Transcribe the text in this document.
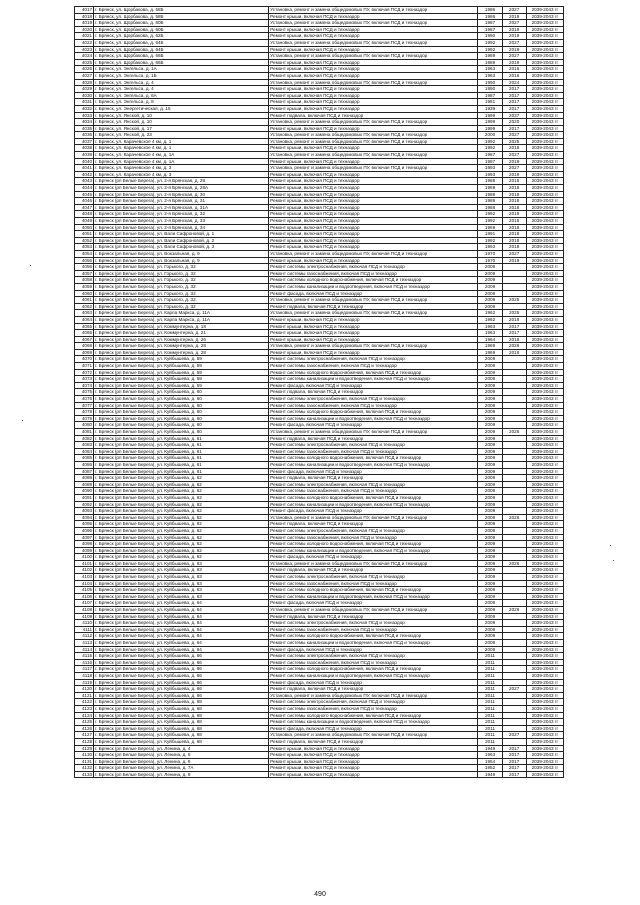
4017	г. Брянск, ул. Щорбакова, д. 58Б	Установка, ремонт и замена общедомовых ПУ, включая ПСД и техназдор	1986	2027	2039-2043 гг
4018	г. Брянск, ул. Щорбакова, д. 58Б	Ремонт крыши, включая ПСД и техназдор	1986	2019	2039-2043 гг
4019	г. Брянск, ул. Щорбакова, д. 60Б	Установка, ремонт и замена общедомовых ПУ, включая ПСД и техназдор	1987	2027	2039-2043 гг
4020	г. Брянск, ул. Щорбакова, д. 60Б	Ремонт крыши, включая ПСД и техназдор	1987	2019	2039-2043 гг
4021	г. Брянск, ул. Щорбакова, д. 62Б	Ремонт крыши, включая ПСД и техназдор	1990	2019	2039-2043 гг
4022	г. Брянск, ул. Щорбакова, д. 64Б	Установка, ремонт и замена общедомовых ПУ, включая ПСД и техназдор	1992	2027	2039-2043 гг
4023	г. Брянск, ул. Щорбакова, д. 64Б	Ремонт крыши, включая ПСД и техназдор	1992	2019	2039-2043 гг
4024	г. Брянск, ул. Щорбакова, д. 66Б	Установка, ремонт и замена общедомовых ПУ, включая ПСД и техназдор	1989	2027	2039-2043 гг
4025	г. Брянск, ул. Щорбакова, д. 66Б	Ремонт крыши, включая ПСД и техназдор	1989	2019	2039-2043 гг
4026	г. Брянск, ул. Энгельса, д. 1А	Ремонт крыши, включая ПСД и техназдор	1963	2016	2039-2043 гг
4027	г. Брянск, ул. Энгельса, д. 1Б	Ремонт крыши, включая ПСД и техназдор	1963	2016	2039-2043 гг
4028	г. Брянск, ул. Энгельса, д. 4	Установка, ремонт и замена общедомовых ПУ, включая ПСД и техназдор	1990	2024	2039-2043 гг
4029	г. Брянск, ул. Энгельса, д. 4	Ремонт крыши, включая ПСД и техназдор	1990	2017	2039-2043 гг
4030	г. Брянск, ул. Энгельса, д. 6А	Ремонт крыши, включая ПСД и техназдор	1987	2017	2039-2043 гг
4031	г. Брянск, ул. Энгельса, д. 8	Ремонт крыши, включая ПСД и техназдор	1981	2017	2039-2043 гг
4032	г. Брянск, ул. Энергетическая, д. 15	Ремонт крыши, включая ПСД и техназдор	1939	2017	2039-2043 гг
4033	г. Брянск, ул. Янской, д. 10	Ремонт подвала, включая ПСД и техназдор	1999	2037	2039-2043 гг
4034	г. Брянск, ул. Янской, д. 10	Установка, ремонт и замена общедомовых ПУ, включая ПСД и техназдор	1999	2020	2039-2043 гг
4035	г. Брянск, ул. Янской, д. 17	Ремонт крыши, включая ПСД и техназдор	1999	2017	2039-2043 гг
4036	г. Брянск, ул. Янской, д. 23	Установка, ремонт и замена общедомовых ПУ, включая ПСД и техназдор	2000	2027	2039-2043 гг
4037	г. Брянск, ул. Карачевское 4 км, д. 1	Установка, ремонт и замена общедомовых ПУ, включая ПСД и техназдор	1992	2025	2039-2043 гг
4038	г. Брянск, ул. Карачевское 4 км, д. 1	Ремонт крыши, включая ПСД и техназдор	1992	2018	2039-2043 гг
4039	г. Брянск, ул. Карачевское 4 км, д. 1А	Установка, ремонт и замена общедомовых ПУ, включая ПСД и техназдор	1987	2027	2039-2043 гг
4040	г. Брянск, ул. Карачевское 4 км, д. 1А	Ремонт крыши, включая ПСД и техназдор	1987	2019	2039-2043 гг
4041	г. Брянск, ул. Карачевское 4 км, д. 3	Установка, ремонт и замена общедомовых ПУ, включая ПСД и техназдор	1993	2027	2039-2043 гг
4042	г. Брянск, ул. Карачевское 4 км, д. 3	Ремонт крыши, включая ПСД и техназдор	1993	2019	2039-2043 гг
4043	г. Брянск (рп Белые Берега), ул. 2-я Брянская, д. 28	Ремонт крыши, включая ПСД и техназдор	1988	2018	2039-2043 гг
4044	г. Брянск (рп Белые Берега), ул. 2-я Брянская, д. 28А	Ремонт крыши, включая ПСД и техназдор	1989	2018	2039-2043 гг
4045	г. Брянск (рп Белые Берега), ул. 2-я Брянская, д. 30	Ремонт крыши, включая ПСД и техназдор	1989	2018	2039-2043 гг
4046	г. Брянск (рп Белые Берега), ул. 2-я Брянская, д. 31	Ремонт крыши, включая ПСД и техназдор	1988	2018	2039-2043 гг
4047	г. Брянск (рп Белые Берега), ул. 2-я Брянская, д. 31А	Ремонт крыши, включая ПСД и техназдор	1988	2018	2039-2043 гг
4048	г. Брянск (рп Белые Берега), ул. 2-я Брянская, д. 32	Ремонт крыши, включая ПСД и техназдор	1992	2018	2039-2043 гг
4049	г. Брянск (рп Белые Берега), ул. 2-я Брянская, д. 33	Ремонт крыши, включая ПСД и техназдор	1992	2018	2039-2043 гг
4050	г. Брянск (рп Белые Берега), ул. 2-я Брянская, д. 34	Ремонт крыши, включая ПСД и техназдор	1989	2018	2039-2043 гг
4051	г. Брянск (рп Белые Берега), ул. Вали Сафроновой, д. 1	Ремонт крыши, включая ПСД и техназдор	1991	2018	2039-2043 гг
4052	г. Брянск (рп Белые Берега), ул. Вали Сафроновой, д. 2	Ремонт крыши, включая ПСД и техназдор	1992	2018	2039-2043 гг
4053	г. Брянск (рп Белые Берега), ул. Вали Сафроновой, д. 3	Ремонт крыши, включая ПСД и техназдор	1993	2018	2039-2043 гг
4054	г. Брянск (рп Белые Берега), ул. Вокзальная, д. 9	Установка, ремонт и замена общедомовых ПУ, включая ПСД и техназдор	1970	2027	2039-2043 гг
4055	г. Брянск (рп Белые Берега), ул. Вокзальная, д. 9	Ремонт крыши, включая ПСД и техназдор	1970	2019	2039-2043 гг
4056	г. Брянск (рп Белые Берега), ул. Горького, д. 32	Ремонт системы электроснабжения, включая ПСД и техназдор	2009		2039-2043 гг
4057	г. Брянск (рп Белые Берега), ул. Горького, д. 32	Ремонт системы газоснабжения, включая ПСД и техназдор	2009		2039-2043 гг
4058	г. Брянск (рп Белые Берега), ул. Горького, д. 32	Ремонт системы холодного водоснабжения, включая ПСД и техназдор	2009		2039-2043 гг
4059	г. Брянск (рп Белые Берега), ул. Горького, д. 32	Ремонт системы канализации и водоотведения, включая ПСД и техназдор	2009		2039-2043 гг
4060	г. Брянск (рп Белые Берега), ул. Горького, д. 32	Ремонт фасада, включая ПСД и техназдор	2009		2039-2043 гг
4061	г. Брянск (рп Белые Берега), ул. Горького, д. 32	Установка, ремонт и замена общедомовых ПУ, включая ПСД и техназдор	2009	2025	2039-2043 гг
4062	г. Брянск (рп Белые Берега), ул. Горького, д. 32	Ремонт подвала, включая ПСД и техназдор	2009		2039-2043 гг
4063	г. Брянск (рп Белые Берега), ул. Карла Маркса, д. 11А	Установка, ремонт и замена общедомовых ПУ, включая ПСД и техназдор	1962	2025	2039-2043 гг
4064	г. Брянск (рп Белые Берега), ул. Карла Маркса, д. 11А	Ремонт крыши, включая ПСД и техназдор	1962	2018	2039-2043 гг
4065	г. Брянск (рп Белые Берега), ул. Коммунтерна, д. 18	Ремонт крыши, включая ПСД и техназдор	1963	2017	2039-2043 гг
4066	г. Брянск (рп Белые Берега), ул. Коммунтерна, д. 21	Ремонт крыши, включая ПСД и техназдор	1963	2017	2039-2043 гг
4067	г. Брянск (рп Белые Берега), ул. Коммунтерна, д. 26	Ремонт крыши, включая ПСД и техназдор	1964	2018	2039-2043 гг
4068	г. Брянск (рп Белые Берега), ул. Коммунтерна, д. 28	Установка, ремонт и замена общедомовых ПУ, включая ПСД и техназдор	1969	2026	2039-2043 гг
4069	г. Брянск (рп Белые Берега), ул. Коммунтерна, д. 28	Ремонт крыши, включая ПСД и техназдор	1969	2018	2039-2043 гг
4070	г. Брянск (рп Белые Берега), ул. Куйбышева, д. 59	Ремонт системы электроснабжения, включая ПСД и техназдор	2009		2039-2043 гг
4071	г. Брянск (рп Белые Берега), ул. Куйбышева, д. 59	Ремонт системы газоснабжения, включая ПСД и техназдор	2009		2039-2043 гг
4072	г. Брянск (рп Белые Берега), ул. Куйбышева, д. 59	Ремонт системы холодного водоснабжения, включая ПСД и техназдор	2009		2039-2043 гг
4073	г. Брянск (рп Белые Берега), ул. Куйбышева, д. 59	Ремонт системы канализации и водоотведения, включая ПСД и техназдор	2009		2039-2043 гг
4074	г. Брянск (рп Белые Берега), ул. Куйбышева, д. 59	Ремонт фасада, включая ПСД и техназдор	2009		2039-2043 гг
4075	г. Брянск (рп Белые Берега), ул. Куйбышева, д. 60	Ремонт подвала, включая ПСД и техназдор	2009		2039-2043 гг
4076	г. Брянск (рп Белые Берега), ул. Куйбышева, д. 60	Ремонт системы электроснабжения, включая ПСД и техназдор	2009		2039-2043 гг
4077	г. Брянск (рп Белые Берега), ул. Куйбышева, д. 60	Ремонт системы газоснабжения, включая ПСД и техназдор	2009		2039-2043 гг
4078	г. Брянск (рп Белые Берега), ул. Куйбышева, д. 60	Ремонт системы холодного водоснабжения, включая ПСД и техназдор	2009		2039-2043 гг
4079	г. Брянск (рп Белые Берега), ул. Куйбышева, д. 60	Ремонт системы канализации и водоотведения, включая ПСД и техназдор	2009		2039-2043 гг
4080	г. Брянск (рп Белые Берега), ул. Куйбышева, д. 60	Ремонт фасада, включая ПСД и техназдор	2009		2039-2043 гг
4081	г. Брянск (рп Белые Берега), ул. Куйбышева, д. 60	Установка, ремонт и замена общедомовых ПУ, включая ПСД и техназдор	2009	2026	2039-2043 гг
4082	г. Брянск (рп Белые Берега), ул. Куйбышева, д. 61	Ремонт подвала, включая ПСД и техназдор	2009		2039-2043 гг
4083	г. Брянск (рп Белые Берега), ул. Куйбышева, д. 61	Ремонт системы электроснабжения, включая ПСД и техназдор	2009		2039-2043 гг
4084	г. Брянск (рп Белые Берега), ул. Куйбышева, д. 61	Ремонт системы газоснабжения, включая ПСД и техназдор	2009		2039-2043 гг
4085	г. Брянск (рп Белые Берега), ул. Куйбышева, д. 61	Ремонт системы холодного водоснабжения, включая ПСД и техназдор	2009		2039-2043 гг
4086	г. Брянск (рп Белые Берега), ул. Куйбышева, д. 61	Ремонт системы канализации и водоотведения, включая ПСД и техназдор	2009		2039-2043 гг
4087	г. Брянск (рп Белые Берега), ул. Куйбышева, д. 61	Ремонт фасада, включая ПСД и техназдор	2009		2039-2043 гг
4088	г. Брянск (рп Белые Берега), ул. Куйбышева, д. 62	Ремонт подвала, включая ПСД и техназдор	2009		2039-2043 гг
4089	г. Брянск (рп Белые Берега), ул. Куйбышева, д. 62	Ремонт системы электроснабжения, включая ПСД и техназдор	2009		2039-2043 гг
4090	г. Брянск (рп Белые Берега), ул. Куйбышева, д. 62	Ремонт системы газоснабжения, включая ПСД и техназдор	2009		2039-2043 гг
4091	г. Брянск (рп Белые Берега), ул. Куйбышева, д. 62	Ремонт системы холодного водоснабжения, включая ПСД и техназдор	2009		2039-2043 гг
4092	г. Брянск (рп Белые Берега), ул. Куйбышева, д. 62	Ремонт системы канализации и водоотведения, включая ПСД и техназдор	2009		2039-2043 гг
4093	г. Брянск (рп Белые Берега), ул. Куйбышева, д. 62	Ремонт фасада, включая ПСД и техназдор	2009		2039-2043 гг
4094	г. Брянск (рп Белые Берега), ул. Куйбышева, д. 62	Установка, ремонт и замена общедомовых ПУ, включая ПСД и техназдор	2009	2026	2039-2043 гг
4095	г. Брянск (рп Белые Берега), ул. Куйбышева, д. 62	Ремонт подвала, включая ПСД и техназдор	2009		2039-2043 гг
4096	г. Брянск (рп Белые Берега), ул. Куйбышева, д. 62	Ремонт системы электроснабжения, включая ПСД и техназдор	2009		2039-2043 гг
4097	г. Брянск (рп Белые Берега), ул. Куйбышева, д. 62	Ремонт системы газоснабжения, включая ПСД и техназдор	2009		2039-2043 гг
4098	г. Брянск (рп Белые Берега), ул. Куйбышева, д. 62	Ремонт системы холодного водоснабжения, включая ПСД и техназдор	2009		2039-2043 гг
4099	г. Брянск (рп Белые Берега), ул. Куйбышева, д. 62	Ремонт системы канализации и водоотведения, включая ПСД и техназдор	2009		2039-2043 гг
4100	г. Брянск (рп Белые Берега), ул. Куйбышева, д. 62	Ремонт фасада, включая ПСД и техназдор	2009		2039-2043 гг
4101	г. Брянск (рп Белые Берега), ул. Куйбышева, д. 63	Установка, ремонт и замена общедомовых ПУ, включая ПСД и техназдор	2009	2026	2039-2043 гг
4102	г. Брянск (рп Белые Берега), ул. Куйбышева, д. 63	Ремонт подвала, включая ПСД и техназдор	2009		2039-2043 гг
4103	г. Брянск (рп Белые Берега), ул. Куйбышева, д. 63	Ремонт системы электроснабжения, включая ПСД и техназдор	2009		2039-2043 гг
4104	г. Брянск (рп Белые Берега), ул. Куйбышева, д. 63	Ремонт системы газоснабжения, включая ПСД и техназдор	2009		2039-2043 гг
4105	г. Брянск (рп Белые Берега), ул. Куйбышева, д. 63	Ремонт системы холодного водоснабжения, включая ПСД и техназдор	2009		2039-2043 гг
4106	г. Брянск (рп Белые Берега), ул. Куйбышева, д. 63	Ремонт системы канализации и водоотведения, включая ПСД и техназдор	2009		2039-2043 гг
4107	г. Брянск (рп Белые Берега), ул. Куйбышева, д. 64	Ремонт фасада, включая ПСД и техназдор	2009		2039-2043 гг
4108	г. Брянск (рп Белые Берега), ул. Куйбышева, д. 64	Установка, ремонт и замена общедомовых ПУ, включая ПСД и техназдор	2009	2026	2039-2043 гг
4109	г. Брянск (рп Белые Берега), ул. Куйбышева, д. 64	Ремонт подвала, включая ПСД и техназдор	2009		2039-2043 гг
4110	г. Брянск (рп Белые Берега), ул. Куйбышева, д. 64	Ремонт системы электроснабжения, включая ПСД и техназдор	2009		2039-2043 гг
4111	г. Брянск (рп Белые Берега), ул. Куйбышева, д. 64	Ремонт системы газоснабжения, включая ПСД и техназдор	2009		2039-2043 гг
4112	г. Брянск (рп Белые Берега), ул. Куйбышева, д. 64	Ремонт системы холодного водоснабжения, включая ПСД и техназдор	2009		2039-2043 гг
4113	г. Брянск (рп Белые Берега), ул. Куйбышева, д. 64	Ремонт системы канализации и водоотведения, включая ПСД и техназдор	2009		2039-2043 гг
4114	г. Брянск (рп Белые Берега), ул. Куйбышева, д. 64	Ремонт фасада, включая ПСД и техназдор	2009		2039-2043 гг
4115	г. Брянск (рп Белые Берега), ул. Куйбышева, д. 66	Ремонт системы электроснабжения, включая ПСД и техназдор	2011		2039-2043 гг
4116	г. Брянск (рп Белые Берега), ул. Куйбышева, д. 66	Ремонт системы газоснабжения, включая ПСД и техназдор	2011		2039-2043 гг
4117	г. Брянск (рп Белые Берега), ул. Куйбышева, д. 66	Ремонт системы холодного водоснабжения, включая ПСД и техназдор	2011		2039-2043 гг
4118	г. Брянск (рп Белые Берега), ул. Куйбышева, д. 66	Ремонт системы канализации и водоотведения, включая ПСД и техназдор	2011		2039-2043 гг
4119	г. Брянск (рп Белые Берега), ул. Куйбышева, д. 66	Ремонт фасада, включая ПСД и техназдор	2011		2039-2043 гг
4120	г. Брянск (рп Белые Берега), ул. Куйбышева, д. 66	Ремонт подвала, включая ПСД и техназдор	2011	2027	2039-2043 гг
4121	г. Брянск (рп Белые Берега), ул. Куйбышева, д. 66	Установка, ремонт и замена общедомовых ПУ, включая ПСД и техназдор	2011		2039-2043 гг
4122	г. Брянск (рп Белые Берега), ул. Куйбышева, д. 68	Ремонт системы электроснабжения, включая ПСД и техназдор	2011		2039-2043 гг
4123	г. Брянск (рп Белые Берега), ул. Куйбышева, д. 68	Ремонт системы газоснабжения, включая ПСД и техназдор	2011		2039-2043 гг
4124	г. Брянск (рп Белые Берега), ул. Куйбышева, д. 68	Ремонт системы холодного водоснабжения, включая ПСД и техназдор	2011		2039-2043 гг
4125	г. Брянск (рп Белые Берега), ул. Куйбышева, д. 68	Ремонт системы канализации и водоотведения, включая ПСД и техназдор	2011		2039-2043 гг
4126	г. Брянск (рп Белые Берега), ул. Куйбышева, д. 68	Ремонт фасада, включая ПСД и техназдор	2011		2039-2043 гг
4127	г. Брянск (рп Белые Берега), ул. Куйбышева, д. 68	Установка, ремонт и замена общедомовых ПУ, включая ПСД и техназдор	2011	2027	2039-2043 гг
4128	г. Брянск (рп Белые Берега), ул. Куйбышева, д. 68	Ремонт подвала, включая ПСД и техназдор	2011		2039-2043 гг
4129	г. Брянск (рп Белые Берега), ул. Ленина, д. 4	Ремонт крыши, включая ПСД и техназдор	1949	2017	2039-2043 гг
4130	г. Брянск (рп Белые Берега), ул. Ленина, д. 5	Ремонт крыши, включая ПСД и техназдор	1963	2017	2039-2043 гг
4131	г. Брянск (рп Белые Берега), ул. Ленина, д. 6	Ремонт крыши, включая ПСД и техназдор	1954	2017	2039-2043 гг
4132	г. Брянск (рп Белые Берега), ул. Ленина, д. 7А	Ремонт крыши, включая ПСД и техназдор	1952	2017	2039-2043 гг
4133	г. Брянск (рп Белые Берега), ул. Ленина, д. 8	Ремонт крыши, включая ПСД и техназдор	1949	2017	2039-2043 гг
490
